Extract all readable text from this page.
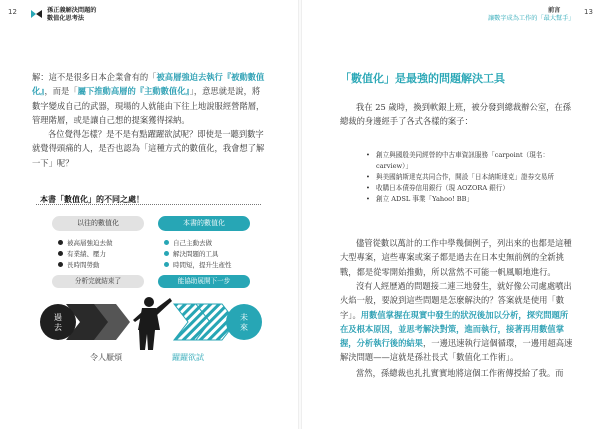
12	孫正義解決問題的
數值化思考法
解：這不是很多日本企業會有的「被高層強迫去執行『被動數值化』，而是「屬下推動高層的『主動數值化』」，意思就是說，將數字變成自己的武器，現場的人就能由下往上地說服經營階層，管理階層，或是讓自己想的提案獲得採納。
各位覺得怎樣？是不是有點躍躍欲試呢？即使是一聽到數字就覺得頭痛的人，是否也認為「這種方式的數值化，我會想了解一下」呢？
本書「數值化」的不同之處！
以往的數值化	本書的數值化
被高層強迫去做
有業績、壓力
長時間勞動
自己主動去做
解決問題的工具
時間短，提升生產性
分析完就結束了	能協助展開下一步
過
去
未
來
令人厭煩	躍躍欲試
13
前言
讓數字成為工作的「最大幫手」
「數值化」是最強的問題解決工具
我在 25 歲時，換到軟銀上班，被分發到總裁辦公室，在孫總裁的身邊經手了各式各樣的案子：
• 創立與國殷美同經營的中古車資訊服務「carpoint（現名：carview）」
• 與美國納斯達克共同合作，開設「日本納斯達克」證券交易所
• 收購日本債券信用銀行（現 AOZORA 銀行）
• 創立 ADSL 事業「Yahoo! BB」
儘管從數以萬計的工作中學幾個例子，列出來的也都是這種大型專案，這些專案或案子都是過去在日本史無前例的全新挑戰，都是從零開始推動，所以當然不可能一帆風順地進行。
沒有人經歷過的問題接二連三地發生，就好像公司處處噴出火焰一般，要說到這些問題是怎麼解決的？答案就是使用「數字」。用數值掌握在現實中發生的狀況後加以分析，探究問題所在及根本原因，並思考解決對策，進而執行，接著再用數值掌握，分析執行後的結果，一邊迅速執行這個循環，一邊用超高速解決問題——這就是孫社長式「數值化工作術」。
當然，孫總裁也扎扎實實地將這個工作術傳授給了我。而
